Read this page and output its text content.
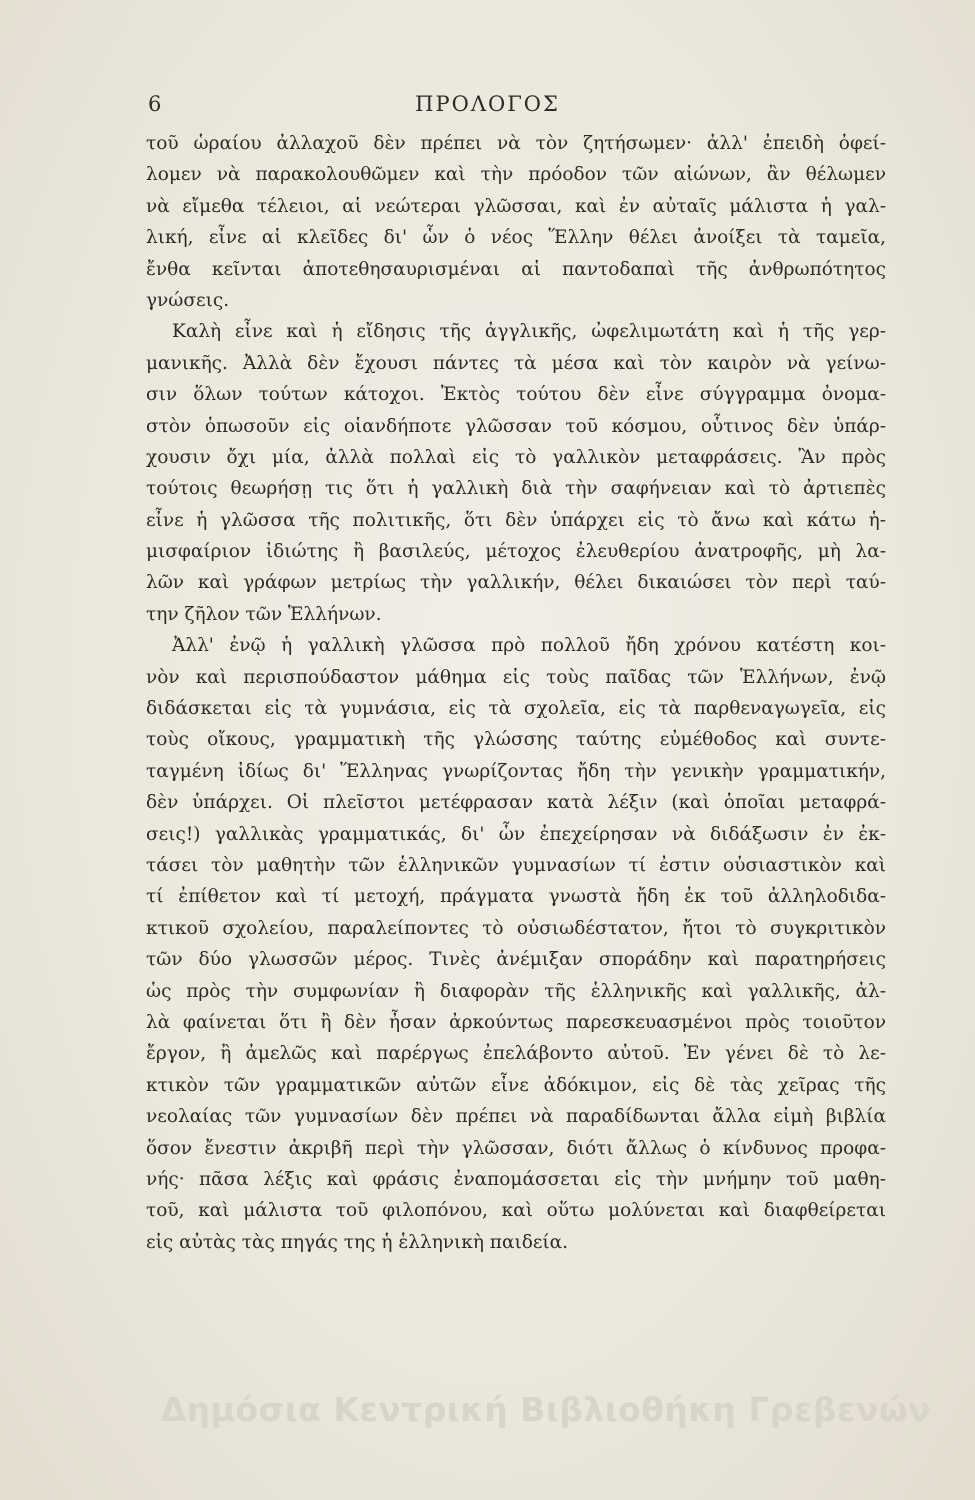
6	ΠΡΟΛΟΓΟΣ
τοῦ ὡραίου ἀλλαχοῦ δὲν πρέπει νὰ τὸν ζητήσωμεν· ἀλλ' ἐπειδὴ ὀφεί-
λομεν νὰ παρακολουθῶμεν καὶ τὴν πρόοδον τῶν αἰώνων, ἂν θέλωμεν
νὰ εἴμεθα τέλειοι, αἱ νεώτεραι γλῶσσαι, καὶ ἐν αὐταῖς μάλιστα ἡ γαλ-
λική, εἶνε αἱ κλεῖδες δι' ὧν ὁ νέος Ἕλλην θέλει ἀνοίξει τὰ ταμεῖα,
ἔνθα κεῖνται ἀποτεθησαυρισμέναι αἱ παντοδαπαὶ τῆς ἀνθρωπότητος
γνώσεις.
Καλὴ εἶνε καὶ ἡ εἴδησις τῆς ἀγγλικῆς, ὠφελιμωτάτη καὶ ἡ τῆς γερ-
μανικῆς. Ἀλλὰ δὲν ἔχουσι πάντες τὰ μέσα καὶ τὸν καιρὸν νὰ γείνω-
σιν ὅλων τούτων κάτοχοι. Ἐκτὸς τούτου δὲν εἶνε σύγγραμμα ὀνομα-
στὸν ὁπωσοῦν εἰς οἱανδήποτε γλῶσσαν τοῦ κόσμου, οὗτινος δὲν ὑπάρ-
χουσιν ὄχι μία, ἀλλὰ πολλαὶ εἰς τὸ γαλλικὸν μεταφράσεις. Ἂν πρὸς
τούτοις θεωρήσῃ τις ὅτι ἡ γαλλικὴ διὰ τὴν σαφήνειαν καὶ τὸ ἀρτιεπὲς
εἶνε ἡ γλῶσσα τῆς πολιτικῆς, ὅτι δὲν ὑπάρχει εἰς τὸ ἄνω καὶ κάτω ἡ-
μισφαίριον ἰδιώτης ἢ βασιλεύς, μέτοχος ἐλευθερίου ἀνατροφῆς, μὴ λα-
λῶν καὶ γράφων μετρίως τὴν γαλλικήν, θέλει δικαιώσει τὸν περὶ ταύ-
την ζῆλον τῶν Ἑλλήνων.
Ἀλλ' ἐνῷ ἡ γαλλικὴ γλῶσσα πρὸ πολλοῦ ἤδη χρόνου κατέστη κοι-
νὸν καὶ περισπούδαστον μάθημα εἰς τοὺς παῖδας τῶν Ἑλλήνων, ἐνῷ
διδάσκεται εἰς τὰ γυμνάσια, εἰς τὰ σχολεῖα, εἰς τὰ παρθεναγωγεῖα, εἰς
τοὺς οἴκους, γραμματικὴ τῆς γλώσσης ταύτης εὐμέθοδος καὶ συντε-
ταγμένη ἰδίως δι' Ἕλληνας γνωρίζοντας ἤδη τὴν γενικὴν γραμματικήν,
δὲν ὑπάρχει. Οἱ πλεῖστοι μετέφρασαν κατὰ λέξιν (καὶ ὁποῖαι μεταφρά-
σεις!) γαλλικὰς γραμματικάς, δι' ὧν ἐπεχείρησαν νὰ διδάξωσιν ἐν ἐκ-
τάσει τὸν μαθητὴν τῶν ἑλληνικῶν γυμνασίων τί ἐστιν οὐσιαστικὸν καὶ
τί ἐπίθετον καὶ τί μετοχή, πράγματα γνωστὰ ἤδη ἐκ τοῦ ἀλληλοδιδα-
κτικοῦ σχολείου, παραλείποντες τὸ οὐσιωδέστατον, ἤτοι τὸ συγκριτικὸν
τῶν δύο γλωσσῶν μέρος. Τινὲς ἀνέμιξαν σποράδην καὶ παρατηρήσεις
ὡς πρὸς τὴν συμφωνίαν ἢ διαφορὰν τῆς ἑλληνικῆς καὶ γαλλικῆς, ἀλ-
λὰ φαίνεται ὅτι ἢ δὲν ἦσαν ἀρκούντως παρεσκευασμένοι πρὸς τοιοῦτον
ἔργον, ἢ ἀμελῶς καὶ παρέργως ἐπελάβοντο αὐτοῦ. Ἐν γένει δὲ τὸ λε-
κτικὸν τῶν γραμματικῶν αὐτῶν εἶνε ἀδόκιμον, εἰς δὲ τὰς χεῖρας τῆς
νεολαίας τῶν γυμνασίων δὲν πρέπει νὰ παραδίδωνται ἄλλα εἰμὴ βιβλία
ὅσον ἔνεστιν ἀκριβῆ περὶ τὴν γλῶσσαν, διότι ἄλλως ὁ κίνδυνος προφα-
νής· πᾶσα λέξις καὶ φράσις ἐναπομάσσεται εἰς τὴν μνήμην τοῦ μαθη-
τοῦ, καὶ μάλιστα τοῦ φιλοπόνου, καὶ οὕτω μολύνεται καὶ διαφθείρεται
εἰς αὐτὰς τὰς πηγάς της ἡ ἑλληνικὴ παιδεία.
Δημόσια Κεντρική Βιβλιοθήκη Γρεβενών
